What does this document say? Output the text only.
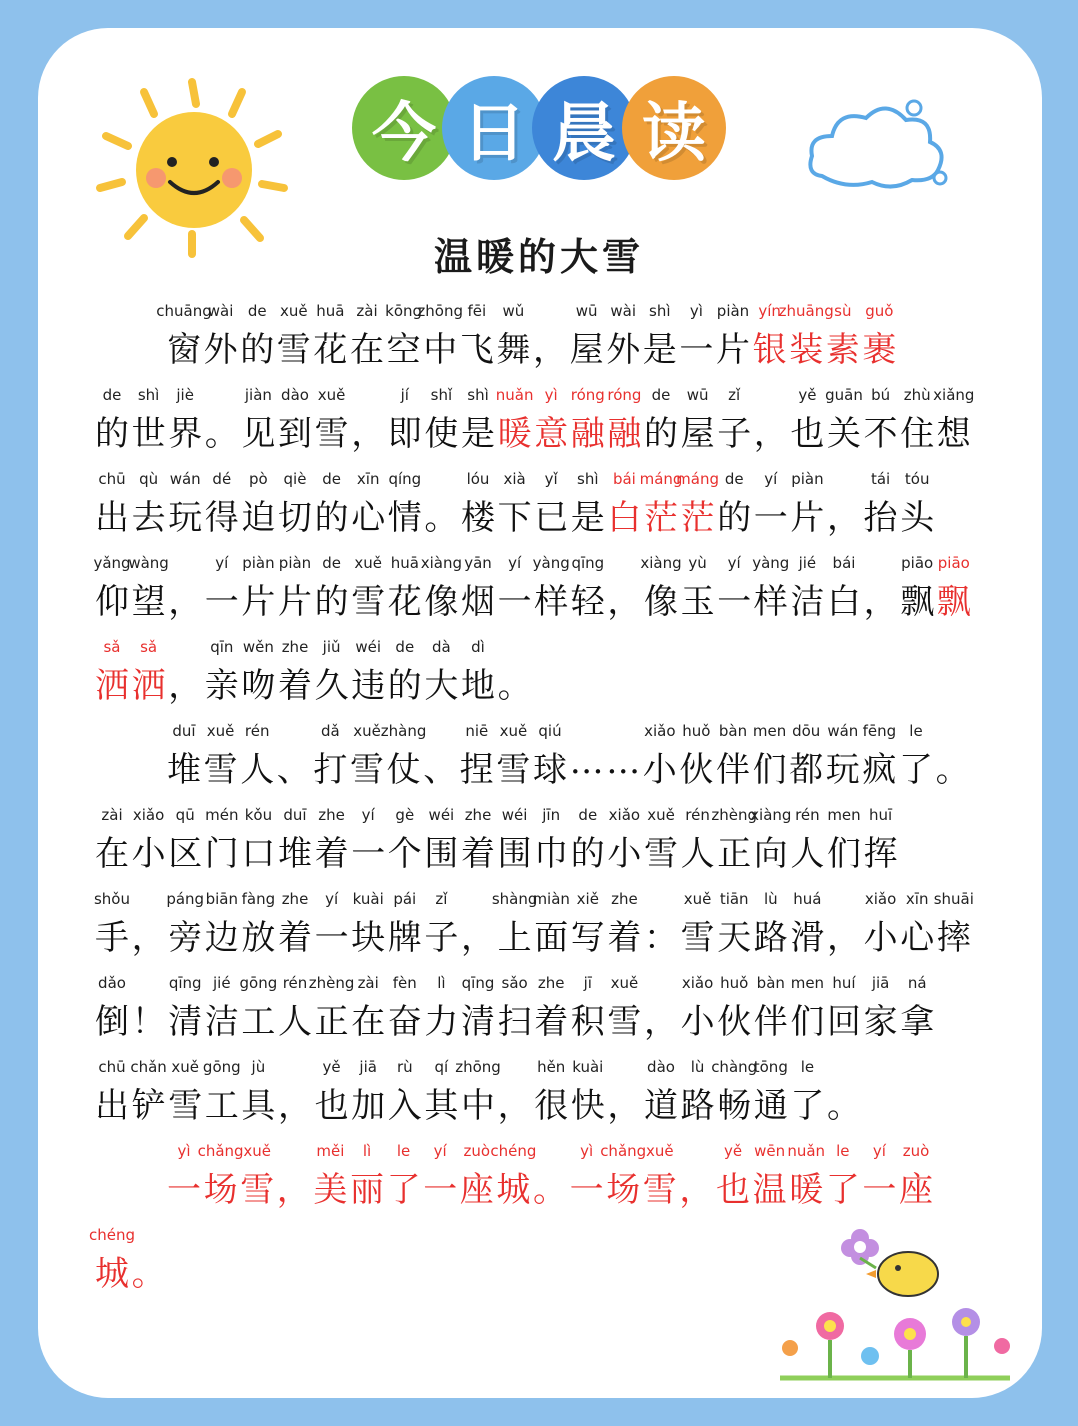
今 日 晨 读
温暖的大雪
chuāng
窗
wài
外
de
的
xuě
雪
huā
花
zài
在
kōng
空
zhōng
中
fēi
飞
wǔ
舞 ，
wū
屋
wài
外
shì
是
yì
一
piàn
片
yín
银
zhuāng
装
sù
素
guǒ
裹
de
的
shì
世
jiè
界 。
jiàn
见
dào
到
xuě
雪 ，
jí
即
shǐ
使
shì
是
nuǎn
暖
yì
意
róng
融
róng
融
de
的
wū
屋
zǐ
子 ，
yě
也
guān
关
bú
不
zhù
住
xiǎng
想
chū
出
qù
去
wán
玩
dé
得
pò
迫
qiè
切
de
的
xīn
心
qíng
情 。
lóu
楼
xià
下
yǐ
已
shì
是
bái
白
máng
茫
máng
茫
de
的
yí
一
piàn
片 ，
tái
抬
tóu
头
yǎng
仰
wàng
望 ，
yí
一
piàn
片
piàn
片
de
的
xuě
雪
huā
花
xiàng
像
yān
烟
yí
一
yàng
样
qīng
轻 ，
xiàng
像
yù
玉
yí
一
yàng
样
jié
洁
bái
白 ，
piāo
飘
piāo
飘
sǎ
洒
sǎ
洒 ，
qīn
亲
wěn
吻
zhe
着
jiǔ
久
wéi
违
de
的
dà
大
dì
地 。
duī
堆
xuě
雪
rén
人 、
dǎ
打
xuě
雪
zhàng
仗 、
niē
捏
xuě
雪
qiú
球 … …
xiǎo
小
huǒ
伙
bàn
伴
men
们
dōu
都
wán
玩
fēng
疯
le
了 。
zài
在
xiǎo
小
qū
区
mén
门
kǒu
口
duī
堆
zhe
着
yí
一
gè
个
wéi
围
zhe
着
wéi
围
jīn
巾
de
的
xiǎo
小
xuě
雪
rén
人
zhèng
正
xiàng
向
rén
人
men
们
huī
挥
shǒu
手 ，
páng
旁
biān
边
fàng
放
zhe
着
yí
一
kuài
块
pái
牌
zǐ
子 ，
shàng
上
miàn
面
xiě
写
zhe
着 ：
xuě
雪
tiān
天
lù
路
huá
滑 ，
xiǎo
小
xīn
心
shuāi
摔
dǎo
倒 ！
qīng
清
jié
洁
gōng
工
rén
人
zhèng
正
zài
在
fèn
奋
lì
力
qīng
清
sǎo
扫
zhe
着
jī
积
xuě
雪 ，
xiǎo
小
huǒ
伙
bàn
伴
men
们
huí
回
jiā
家
ná
拿
chū
出
chǎn
铲
xuě
雪
gōng
工
jù
具 ，
yě
也
jiā
加
rù
入
qí
其
zhōng
中 ，
hěn
很
kuài
快 ，
dào
道
lù
路
chàng
畅
tōng
通
le
了 。
yì
一
chǎng
场
xuě
雪 ，
měi
美
lì
丽
le
了
yí
一
zuò
座
chéng
城 。
yì
一
chǎng
场
xuě
雪 ，
yě
也
wēn
温
nuǎn
暖
le
了
yí
一
zuò
座
chéng
城 。
